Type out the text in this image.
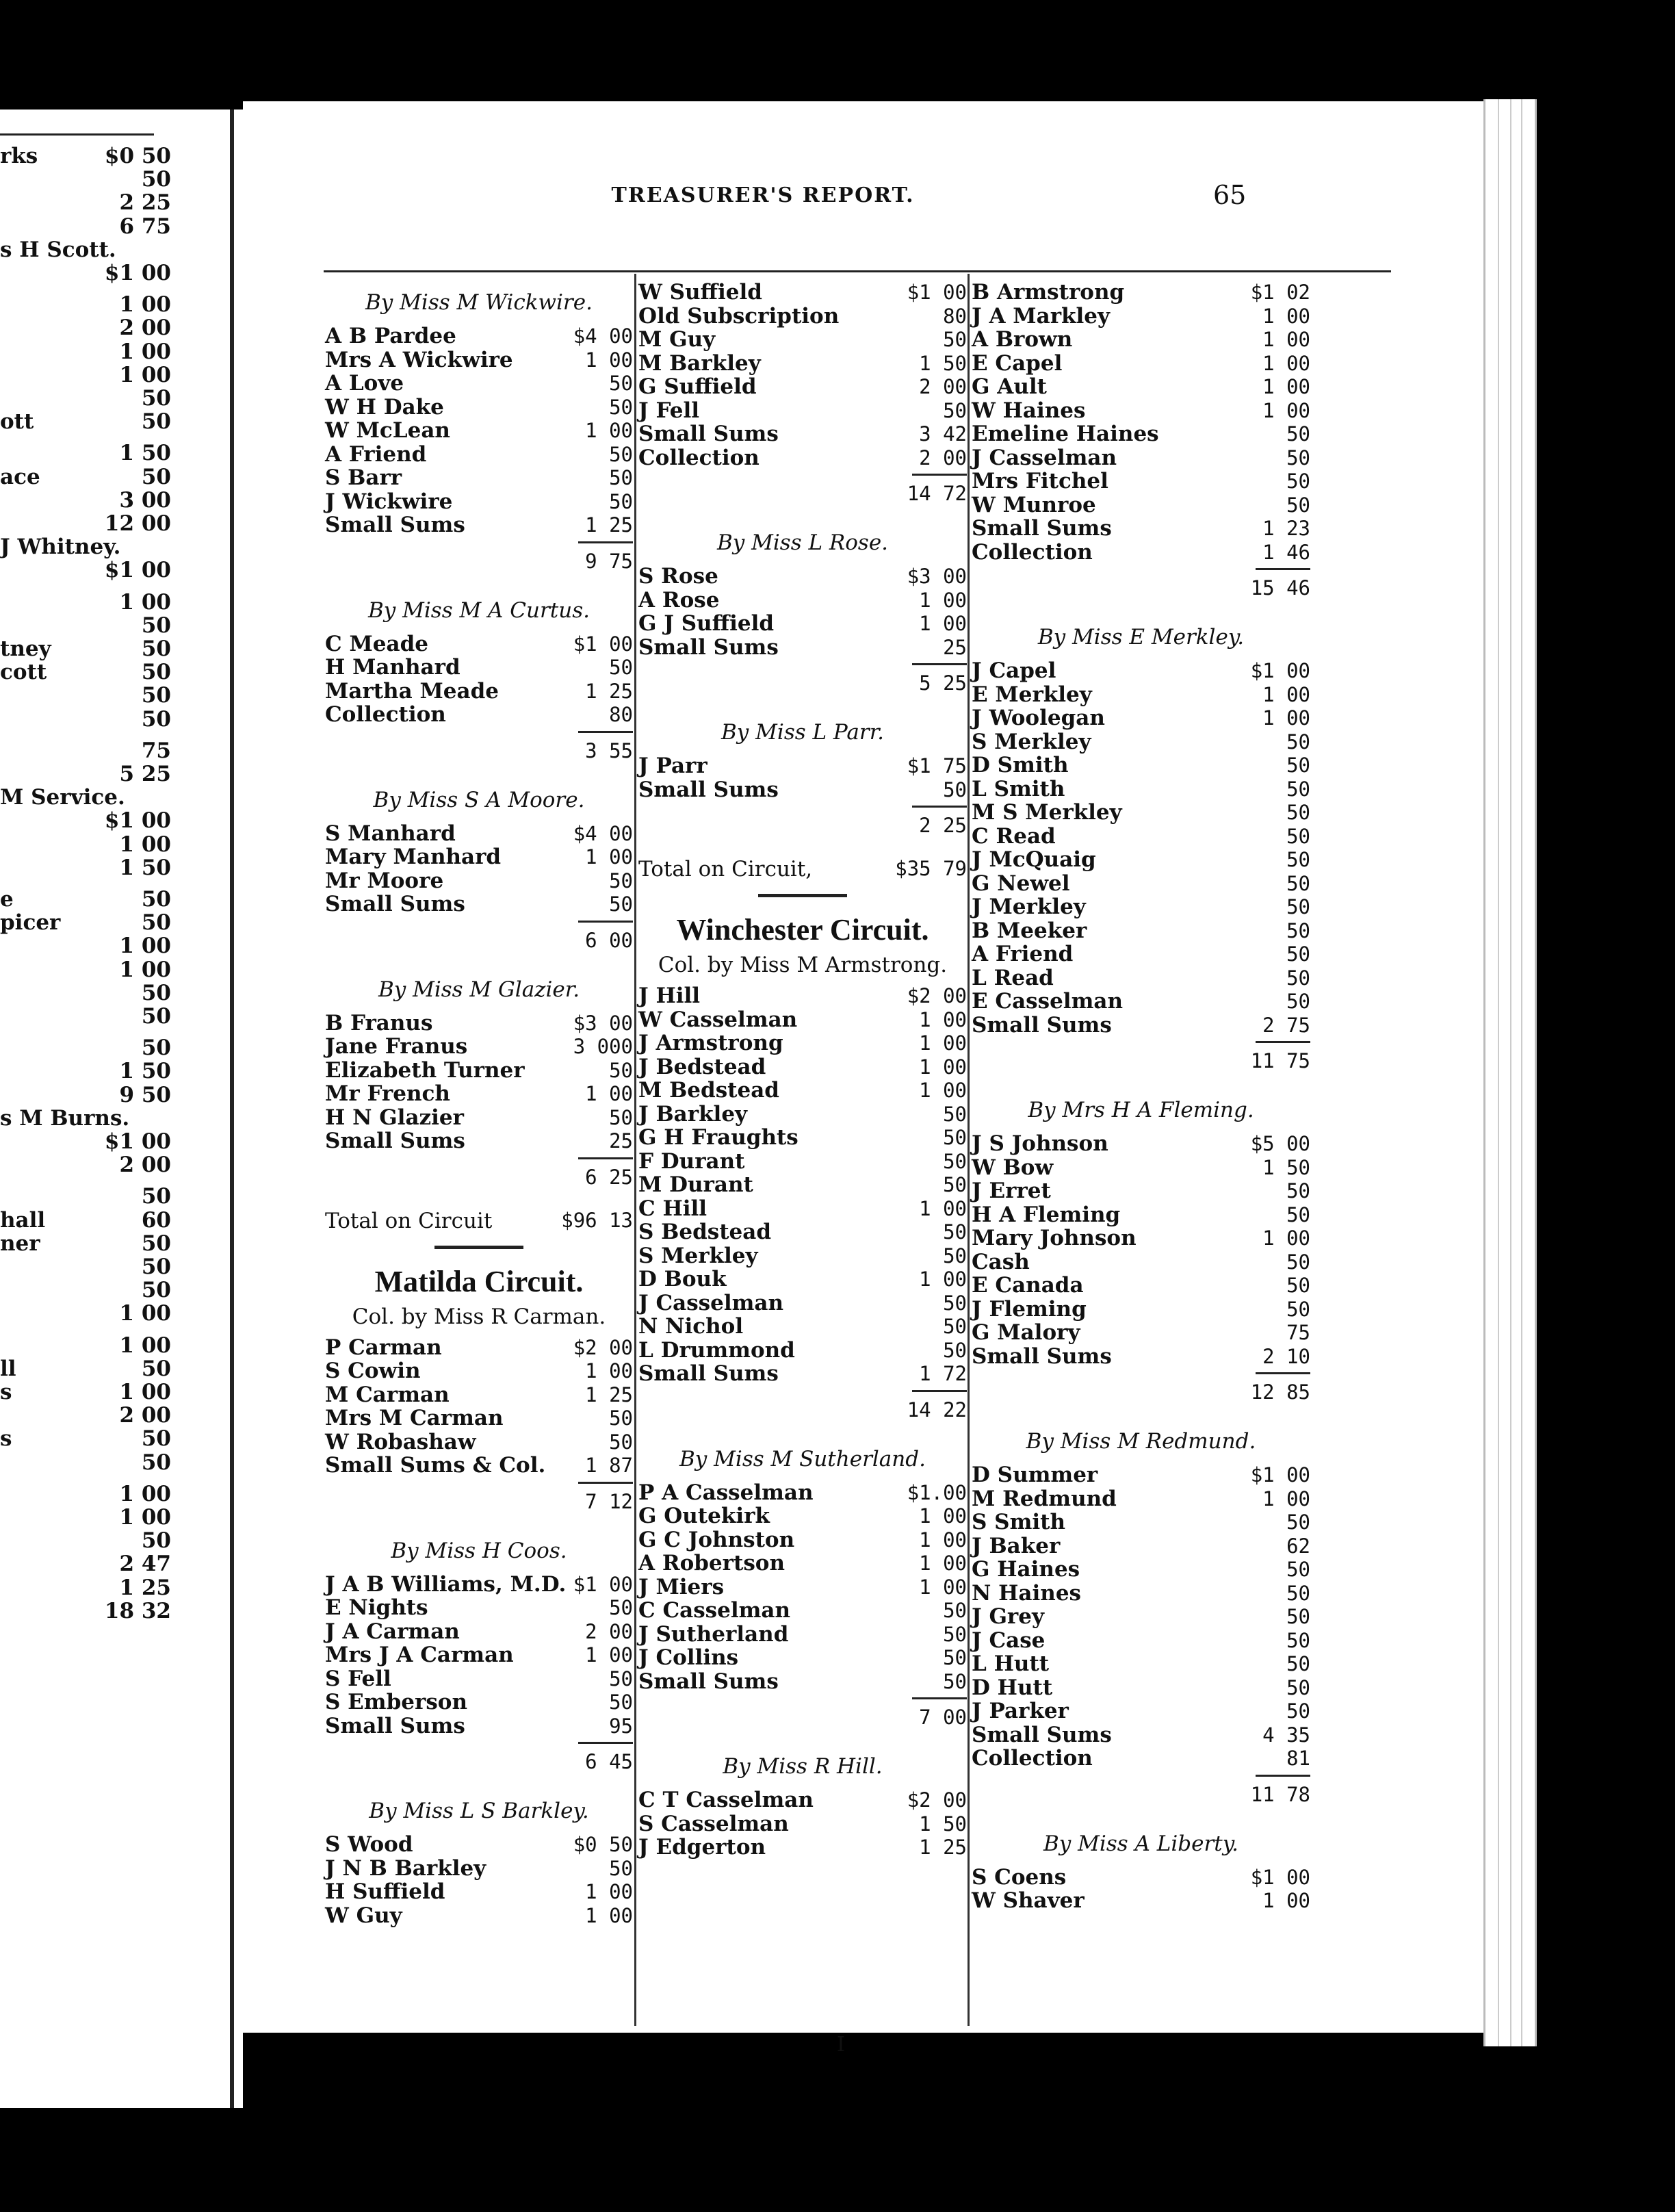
rks	$0 50
50
2 25
6 75
s H Scott.
$1 00
1 00
2 00
1 00
1 00
50
ott	50
1 50
ace	50
3 00
12 00
J Whitney.
$1 00
1 00
50
tney	50
cott	50
50
50
75
5 25
M Service.
$1 00
1 00
1 50
e	50
picer	50
1 00
1 00
50
50
50
1 50
9 50
s M Burns.
$1 00
2 00
50
hall	60
ner	50
50
50
1 00
1 00
ll	50
s	1 00
2 00
s	50
50
1 00
1 00
50
2 47
1 25
18 32
TREASURER'S REPORT.	65
By Miss M Wickwire.
A B Pardee	$4 00
Mrs A Wickwire	1 00
A Love	50
W H Dake	50
W McLean	1 00
A Friend	50
S Barr	50
J Wickwire	50
Small Sums	1 25
9 75
By Miss M A Curtus.
C Meade	$1 00
H Manhard	50
Martha Meade	1 25
Collection	80
3 55
By Miss S A Moore.
S Manhard	$4 00
Mary Manhard	1 00
Mr Moore	50
Small Sums	50
6 00
By Miss M Glazier.
B Franus	$3 00
Jane Franus	3 000
Elizabeth Turner	50
Mr French	1 00
H N Glazier	50
Small Sums	25
6 25
Total on Circuit	$96 13
Matilda Circuit.
Col. by Miss R Carman.
P Carman	$2 00
S Cowin	1 00
M Carman	1 25
Mrs M Carman	50
W Robashaw	50
Small Sums & Col. 1 87
7 12
By Miss H Coos.
J A B Williams, M.D. $1 00
E Nights	50
J A Carman	2 00
Mrs J A Carman	1 00
S Fell	50
S Emberson	50
Small Sums	95
6 45
By Miss L S Barkley.
S Wood	$0 50
J N B Barkley	50
H Suffield	1 00
W Guy	1 00
W Suffield	$1 00
Old Subscription	80
M Guy	50
M Barkley	1 50
G Suffield	2 00
J Fell	50
Small Sums	3 42
Collection	2 00
14 72
By Miss L Rose.
S Rose	$3 00
A Rose	1 00
G J Suffield	1 00
Small Sums	25
5 25
By Miss L Parr.
J Parr	$1 75
Small Sums	50
2 25
Total on Circuit,	$35 79
Winchester Circuit.
Col. by Miss M Armstrong.
J Hill	$2 00
W Casselman	1 00
J Armstrong	1 00
J Bedstead	1 00
M Bedstead	1 00
J Barkley	50
G H Fraughts	50
F Durant	50
M Durant	50
C Hill	1 00
S Bedstead	50
S Merkley	50
D Bouk	1 00
J Casselman	50
N Nichol	50
L Drummond	50
Small Sums	1 72
14 22
By Miss M Sutherland.
P A Casselman	$1.00
G Outekirk	1 00
G C Johnston	1 00
A Robertson	1 00
J Miers	1 00
C Casselman	50
J Sutherland	50
J Collins	50
Small Sums	50
7 00
By Miss R Hill.
C T Casselman	$2 00
S Casselman	1 50
J Edgerton	1 25
B Armstrong	$1 02
J A Markley	1 00
A Brown	1 00
E Capel	1 00
G Ault	1 00
W Haines	1 00
Emeline Haines	50
J Casselman	50
Mrs Fitchel	50
W Munroe	50
Small Sums	1 23
Collection	1 46
15 46
By Miss E Merkley.
J Capel	$1 00
E Merkley	1 00
J Woolegan	1 00
S Merkley	50
D Smith	50
L Smith	50
M S Merkley	50
C Read	50
J McQuaig	50
G Newel	50
J Merkley	50
B Meeker	50
A Friend	50
L Read	50
E Casselman	50
Small Sums	2 75
11 75
By Mrs H A Fleming.
J S Johnson	$5 00
W Bow	1 50
J Erret	50
H A Fleming	50
Mary Johnson	1 00
Cash	50
E Canada	50
J Fleming	50
G Malory	75
Small Sums	2 10
12 85
By Miss M Redmund.
D Summer	$1 00
M Redmund	1 00
S Smith	50
J Baker	62
G Haines	50
N Haines	50
J Grey	50
J Case	50
L Hutt	50
D Hutt	50
J Parker	50
Small Sums	4 35
Collection	81
11 78
By Miss A Liberty.
S Coens	$1 00
W Shaver	1 00
I
